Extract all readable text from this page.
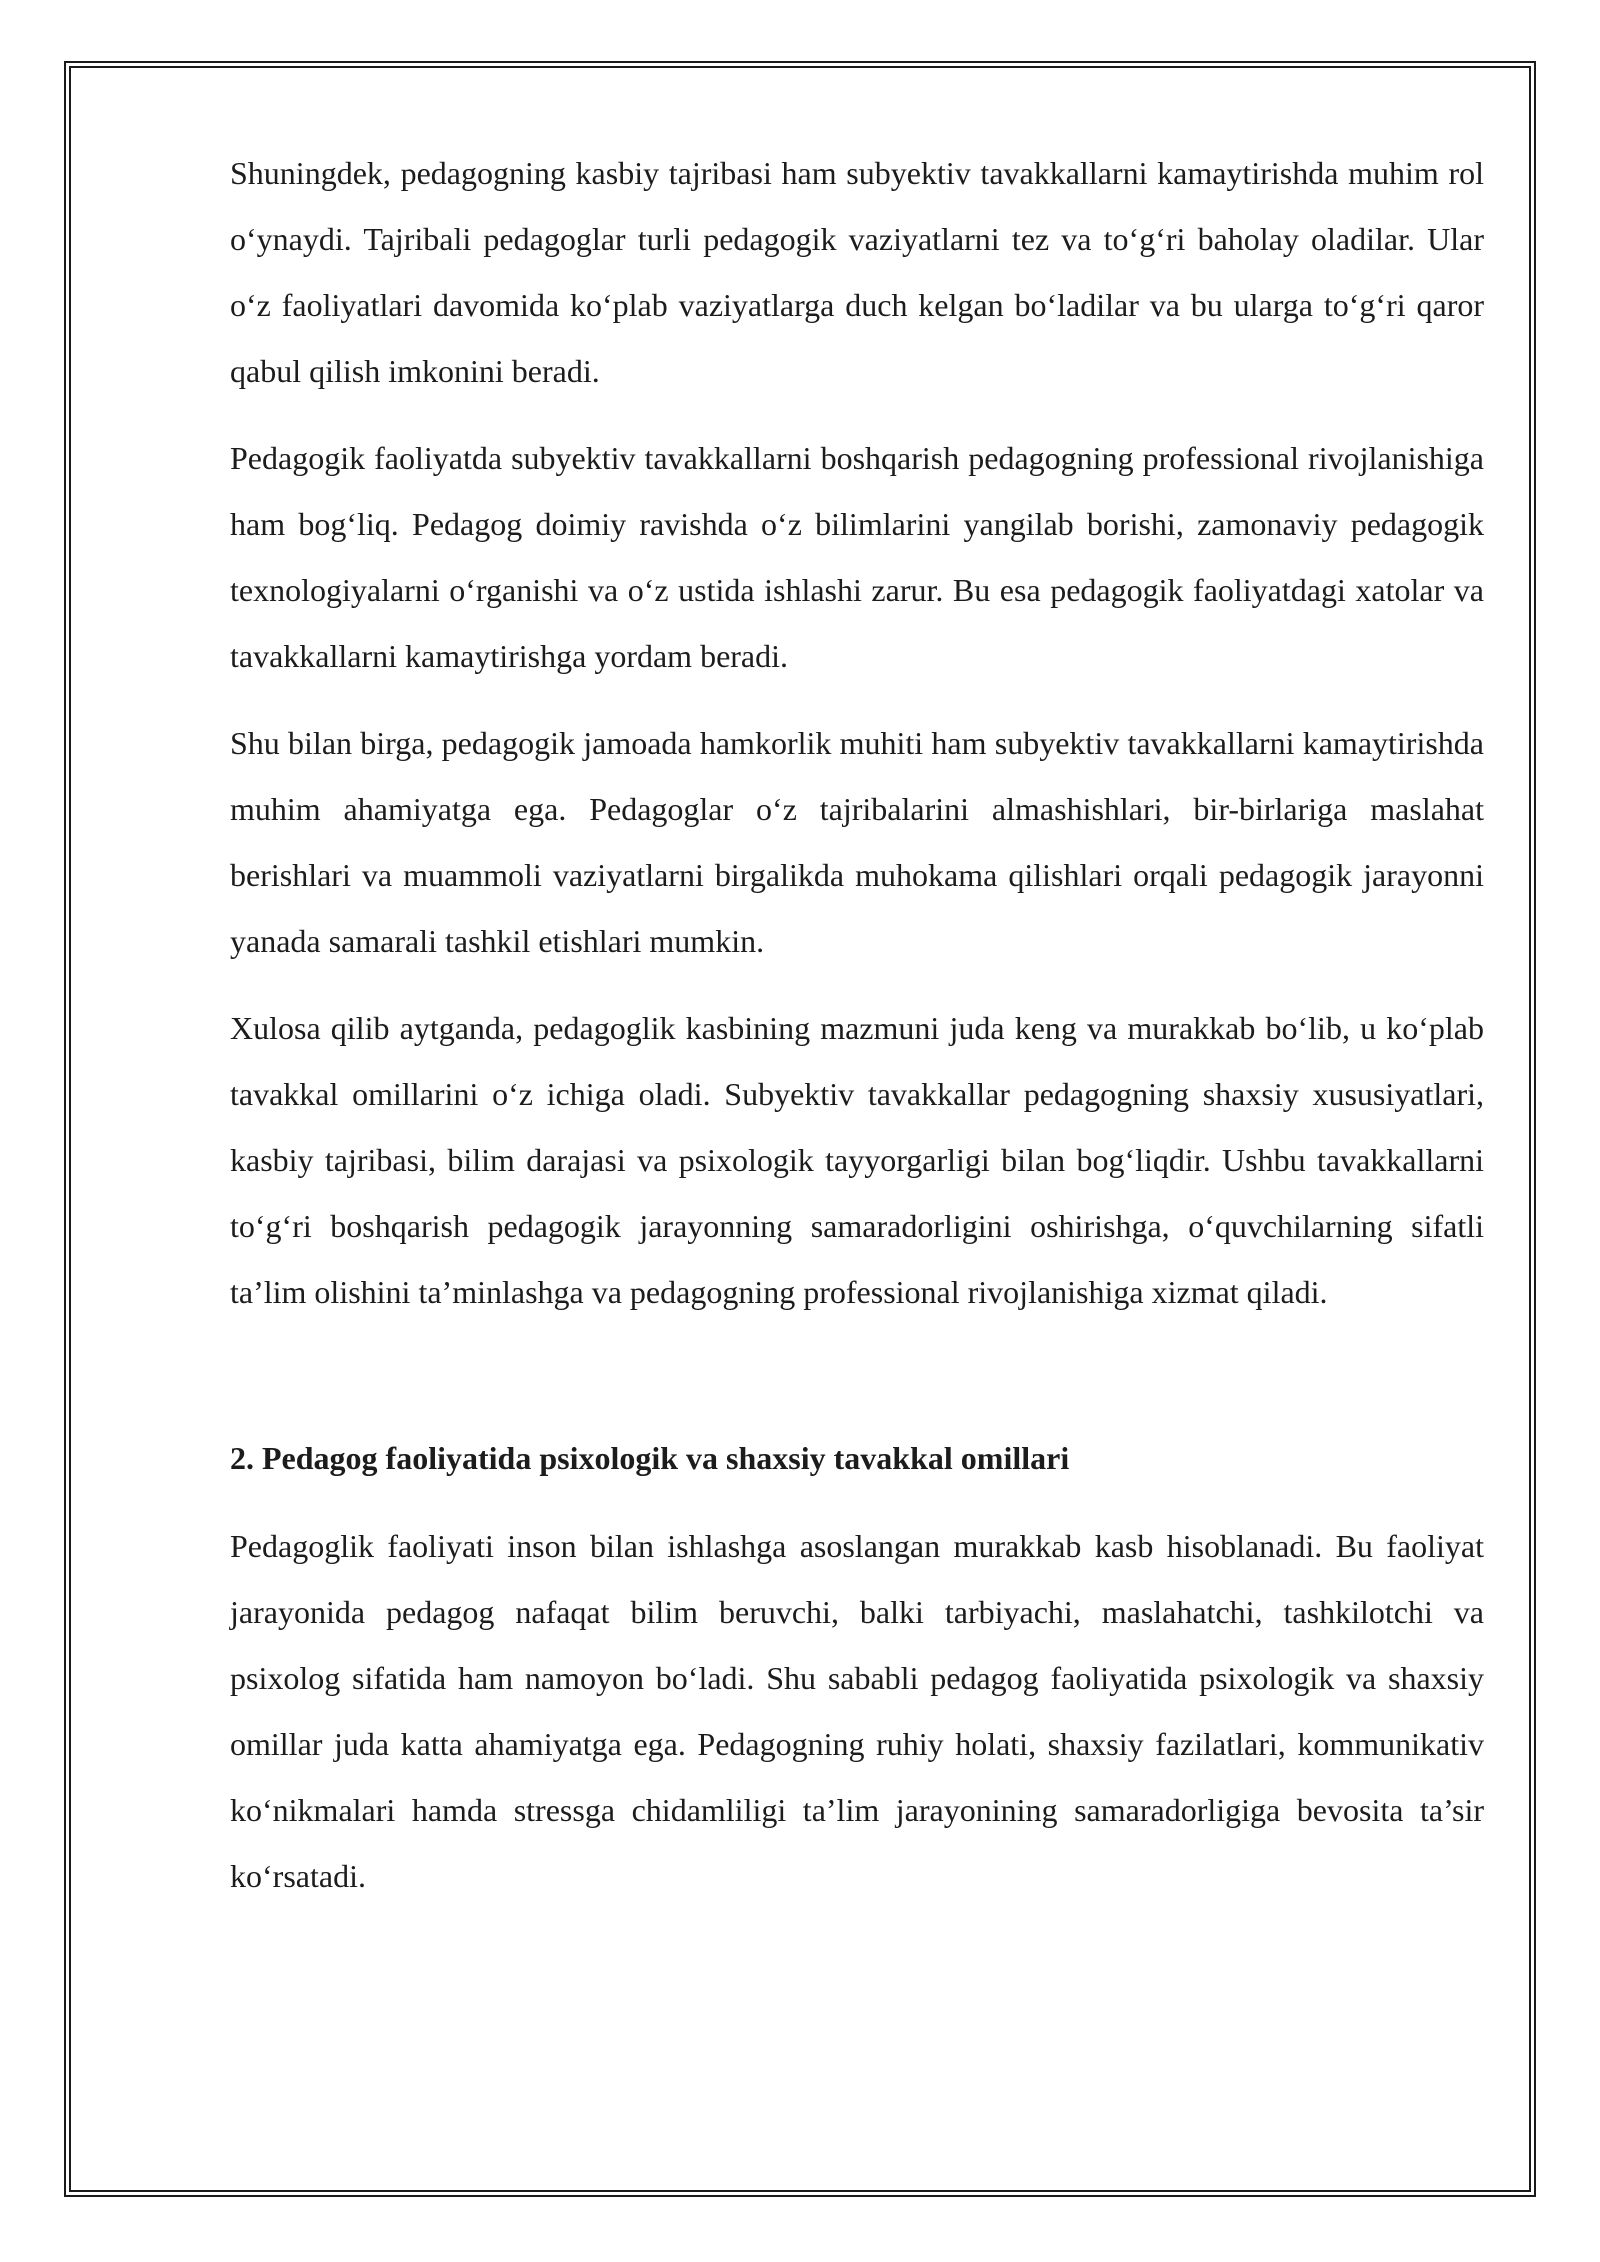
Shuningdek, pedagogning kasbiy tajribasi ham subyektiv tavakkallarni kamaytirishda muhim rol o‘ynaydi. Tajribali pedagoglar turli pedagogik vaziyatlarni tez va to‘g‘ri baholay oladilar. Ular o‘z faoliyatlari davomida ko‘plab vaziyatlarga duch kelgan bo‘ladilar va bu ularga to‘g‘ri qaror qabul qilish imkonini beradi.

Pedagogik faoliyatda subyektiv tavakkallarni boshqarish pedagogning professional rivojlanishiga ham bog‘liq. Pedagog doimiy ravishda o‘z bilimlarini yangilab borishi, zamonaviy pedagogik texnologiyalarni o‘rganishi va o‘z ustida ishlashi zarur. Bu esa pedagogik faoliyatdagi xatolar va tavakkallarni kamaytirishga yordam beradi.

Shu bilan birga, pedagogik jamoada hamkorlik muhiti ham subyektiv tavakkallarni kamaytirishda muhim ahamiyatga ega. Pedagoglar o‘z tajribalarini almashishlari, bir-birlariga maslahat berishlari va muammoli vaziyatlarni birgalikda muhokama qilishlari orqali pedagogik jarayonni yanada samarali tashkil etishlari mumkin.

Xulosa qilib aytganda, pedagoglik kasbining mazmuni juda keng va murakkab bo‘lib, u ko‘plab tavakkal omillarini o‘z ichiga oladi. Subyektiv tavakkallar pedagogning shaxsiy xususiyatlari, kasbiy tajribasi, bilim darajasi va psixologik tayyorgarligi bilan bog‘liqdir. Ushbu tavakkallarni to‘g‘ri boshqarish pedagogik jarayonning samaradorligini oshirishga, o‘quvchilarning sifatli ta’lim olishini ta’minlashga va pedagogning professional rivojlanishiga xizmat qiladi.

2. Pedagog faoliyatida psixologik va shaxsiy tavakkal omillari

Pedagoglik faoliyati inson bilan ishlashga asoslangan murakkab kasb hisoblanadi. Bu faoliyat jarayonida pedagog nafaqat bilim beruvchi, balki tarbiyachi, maslahatchi, tashkilotchi va psixolog sifatida ham namoyon bo‘ladi. Shu sababli pedagog faoliyatida psixologik va shaxsiy omillar juda katta ahamiyatga ega. Pedagogning ruhiy holati, shaxsiy fazilatlari, kommunikativ ko‘nikmalari hamda stressga chidamliligi ta’lim jarayonining samaradorligiga bevosita ta’sir ko‘rsatadi.
